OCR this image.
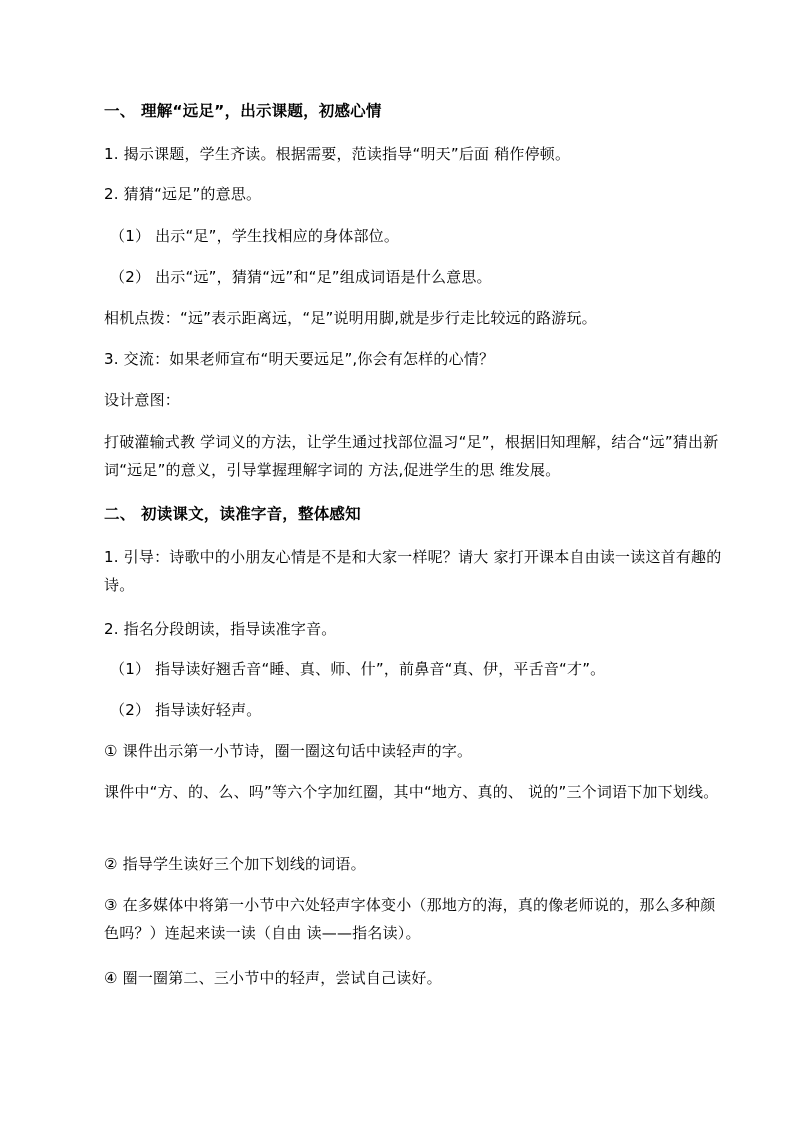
一、 理解“远足”，出示课题，初感心情
1. 揭示课题，学生齐读。根据需要，范读指导“明天”后面 稍作停顿。
2. 猜猜“远足”的意思。
（1） 出示“足”，学生找相应的身体部位。
（2） 出示“远”，猜猜“远”和“足”组成词语是什么意思。
相机点拨：“远”表示距离远，“足”说明用脚,就是步行走比较远的路游玩。
3. 交流：如果老师宣布“明天要远足”,你会有怎样的心情？
设计意图：
打破灌输式教 学词义的方法，让学生通过找部位温习“足”，根据旧知理解，结合“远”猜出新 词“远足”的意义，引导掌握理解字词的 方法,促进学生的思 维发展。
二、 初读课文，读准字音，整体感知
1. 引导：诗歌中的小朋友心情是不是和大家一样呢？请大 家打开课本自由读一读这首有趣的诗。
2. 指名分段朗读，指导读准字音。
（1） 指导读好翘舌音“睡、真、师、什”，前鼻音“真、伊，平舌音“才”。
（2） 指导读好轻声。
① 课件出示第一小节诗，圈一圈这句话中读轻声的字。
课件中“方、的、么、吗”等六个字加红圈，其中“地方、真的、 说的”三个词语下加下划线。
② 指导学生读好三个加下划线的词语。
③ 在多媒体中将第一小节中六处轻声字体变小（那地方的海，真的像老师说的，那么多种颜色吗？）连起来读一读（自由 读——指名读）。
④ 圈一圈第二、三小节中的轻声，尝试自己读好。
